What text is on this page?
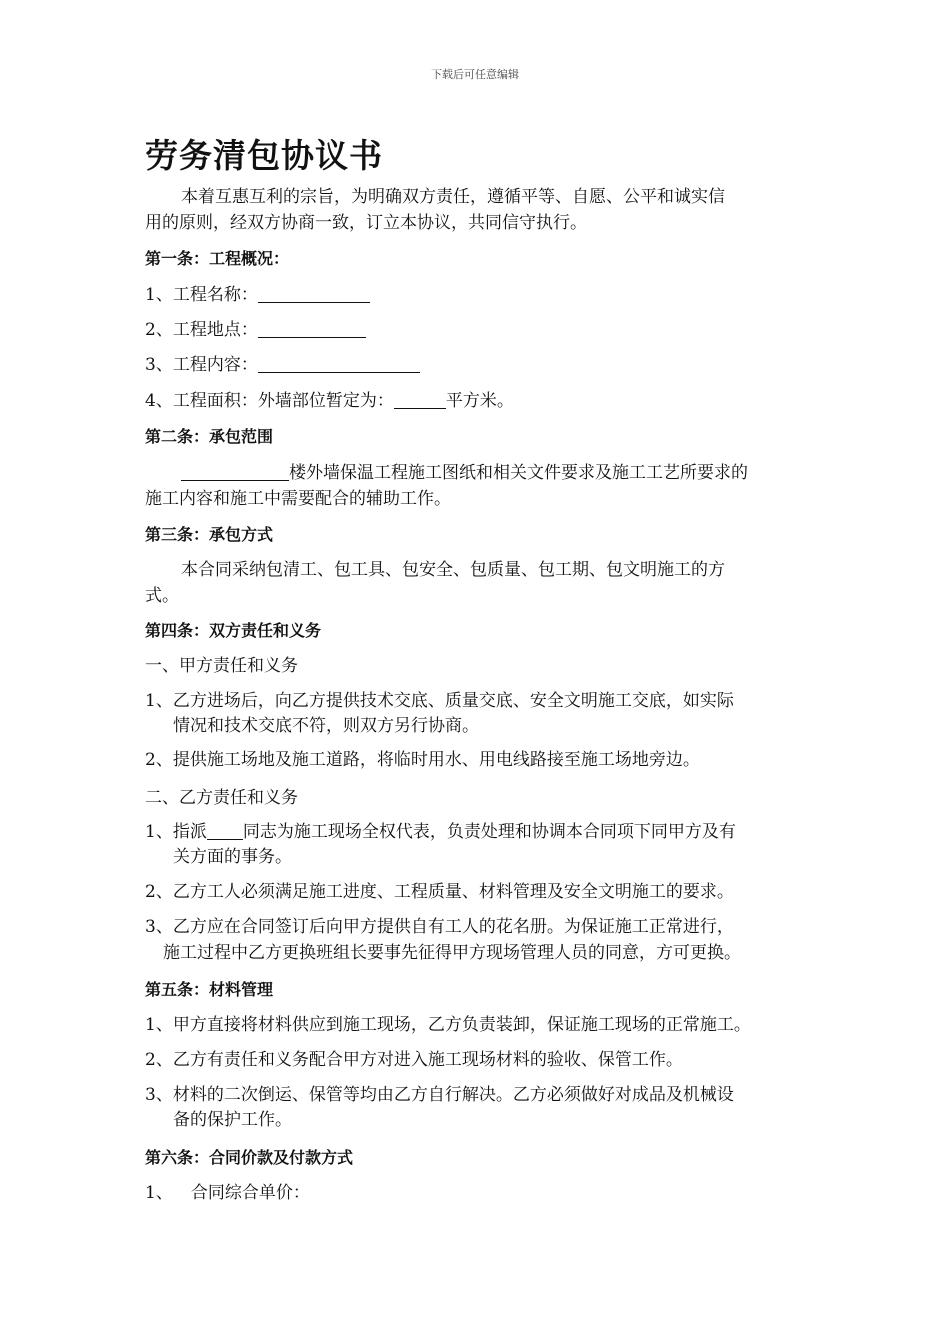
下载后可任意编辑
劳务清包协议书
本着互惠互利的宗旨，为明确双方责任，遵循平等、自愿、公平和诚实信
用的原则，经双方协商一致，订立本协议，共同信守执行。
第一条：工程概况：
1、工程名称：
2、工程地点：
3、工程内容：
4、工程面积：外墙部位暂定为：	平方米。
第二条：承包范围
楼外墙保温工程施工图纸和相关文件要求及施工工艺所要求的
施工内容和施工中需要配合的辅助工作。
第三条：承包方式
本合同采纳包清工、包工具、包安全、包质量、包工期、包文明施工的方
式。
第四条：双方责任和义务
一、甲方责任和义务
1、乙方进场后，向乙方提供技术交底、质量交底、安全文明施工交底，如实际
情况和技术交底不符，则双方另行协商。
2、提供施工场地及施工道路，将临时用水、用电线路接至施工场地旁边。
二、乙方责任和义务
1、指派 同志为施工现场全权代表，负责处理和协调本合同项下同甲方及有
关方面的事务。
2、乙方工人必须满足施工进度、工程质量、材料管理及安全文明施工的要求。
3、乙方应在合同签订后向甲方提供自有工人的花名册。为保证施工正常进行，
施工过程中乙方更换班组长要事先征得甲方现场管理人员的同意，方可更换。
第五条：材料管理
1、甲方直接将材料供应到施工现场，乙方负责装卸，保证施工现场的正常施工。
2、乙方有责任和义务配合甲方对进入施工现场材料的验收、保管工作。
3、材料的二次倒运、保管等均由乙方自行解决。乙方必须做好对成品及机械设
备的保护工作。
第六条：合同价款及付款方式
1、 合同综合单价：
